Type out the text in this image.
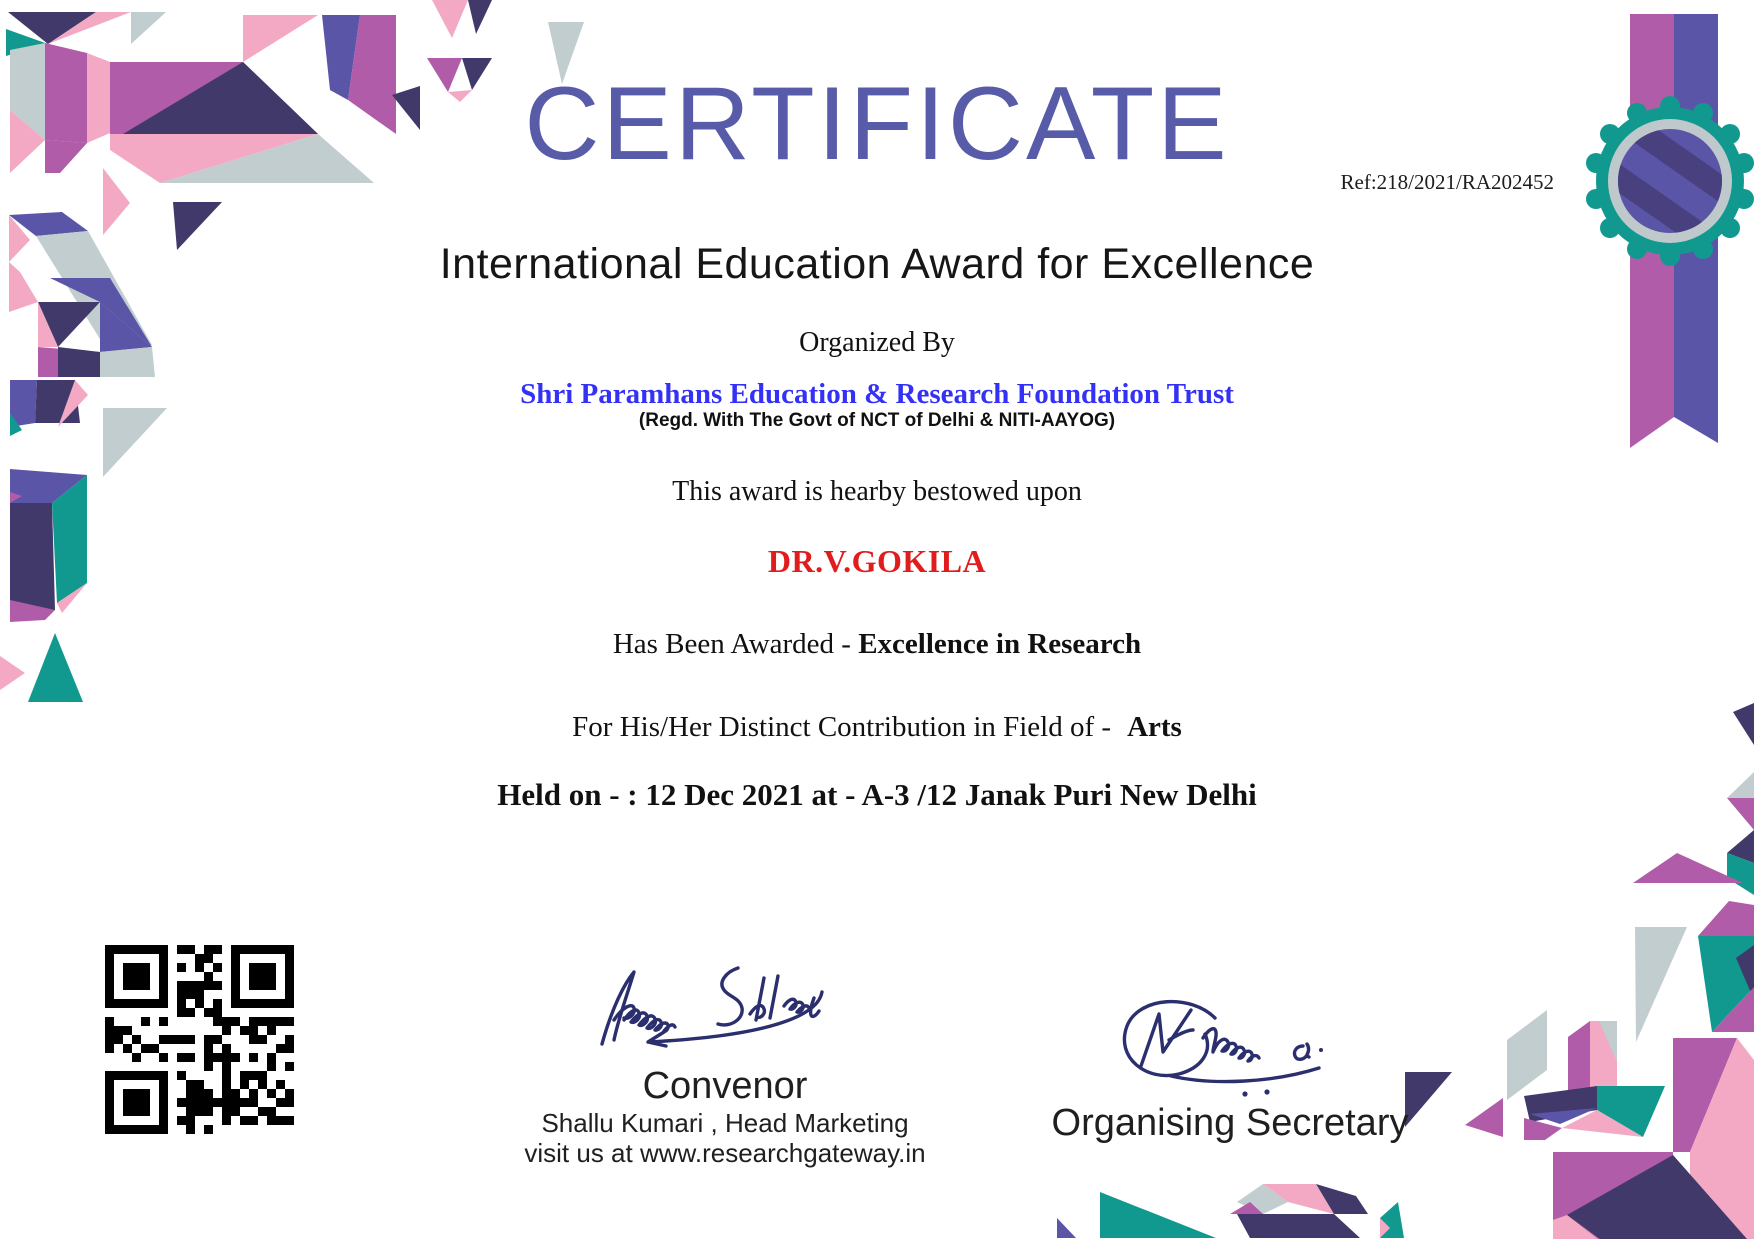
CERTIFICATE	Ref:218/2021/RA202452
International Education Award for Excellence
Organized By
Shri Paramhans Education & Research Foundation Trust
(Regd. With The Govt of NCT of Delhi & NITI-AAYOG)
This award is hearby bestowed upon
DR.V.GOKILA
Has Been Awarded - Excellence in Research
For His/Her Distinct Contribution in Field of - Arts
Held on - : 12 Dec 2021 at - A-3 /12 Janak Puri New Delhi
Convenor
Shallu Kumari , Head Marketing
visit us at www.researchgateway.in
Organising Secretary
